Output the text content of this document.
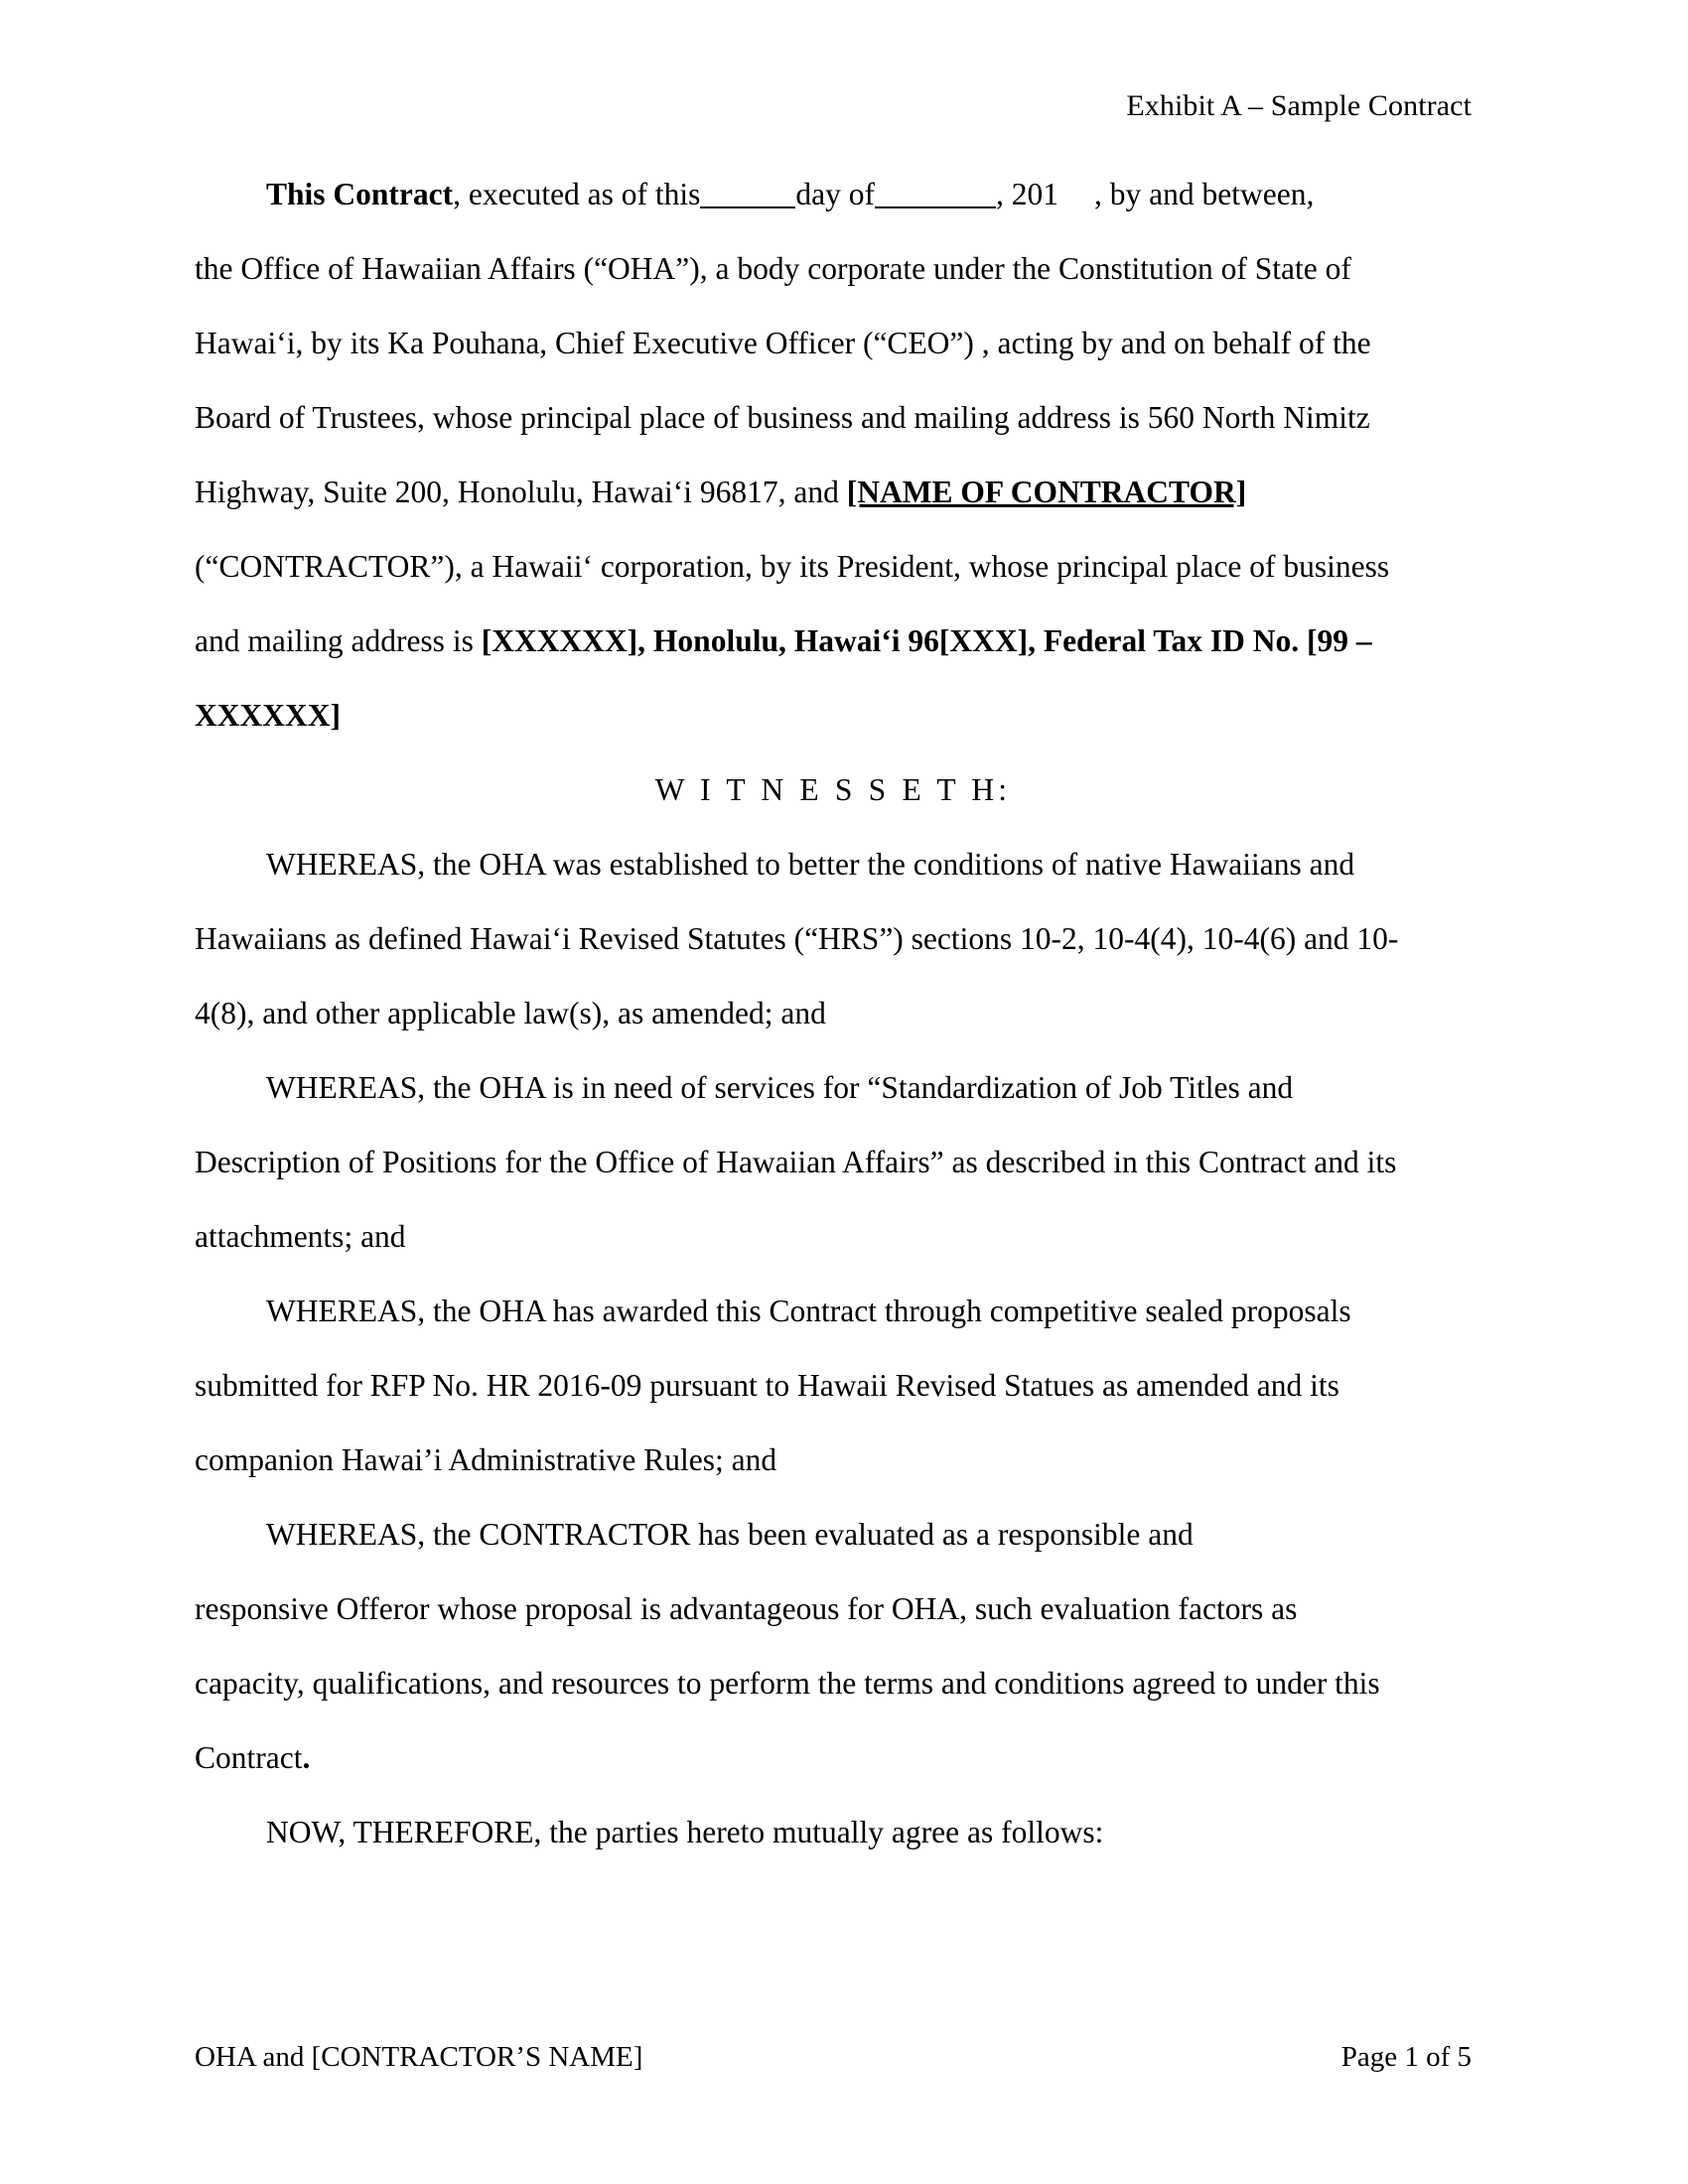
Exhibit A – Sample Contract

This Contract, executed as of this	day of	, 201 , by and between,
the Office of Hawaiian Affairs (“OHA”), a body corporate under the Constitution of State of
Hawaiʻi, by its Ka Pouhana, Chief Executive Officer (“CEO”) , acting by and on behalf of the
Board of Trustees, whose principal place of business and mailing address is 560 North Nimitz
Highway, Suite 200, Honolulu, Hawaiʻi 96817, and [NAME OF CONTRACTOR]
(“CONTRACTOR”), a Hawaiiʻ corporation, by its President, whose principal place of business
and mailing address is [XXXXXX], Honolulu, Hawaiʻi 96[XXX], Federal Tax ID No. [99 –
XXXXXX]

W I T N E S S E T H:

WHEREAS, the OHA was established to better the conditions of native Hawaiians and
Hawaiians as defined Hawaiʻi Revised Statutes (“HRS”) sections 10-2, 10-4(4), 10-4(6) and 10-
4(8), and other applicable law(s), as amended; and

WHEREAS, the OHA is in need of services for “Standardization of Job Titles and
Description of Positions for the Office of Hawaiian Affairs” as described in this Contract and its
attachments; and

WHEREAS, the OHA has awarded this Contract through competitive sealed proposals
submitted for RFP No. HR 2016-09 pursuant to Hawaii Revised Statues as amended and its
companion Hawai’i Administrative Rules; and

WHEREAS, the CONTRACTOR has been evaluated as a responsible and
responsive Offeror whose proposal is advantageous for OHA, such evaluation factors as
capacity, qualifications, and resources to perform the terms and conditions agreed to under this
Contract.

NOW, THEREFORE, the parties hereto mutually agree as follows:

OHA and [CONTRACTOR’S NAME]	Page 1 of 5
